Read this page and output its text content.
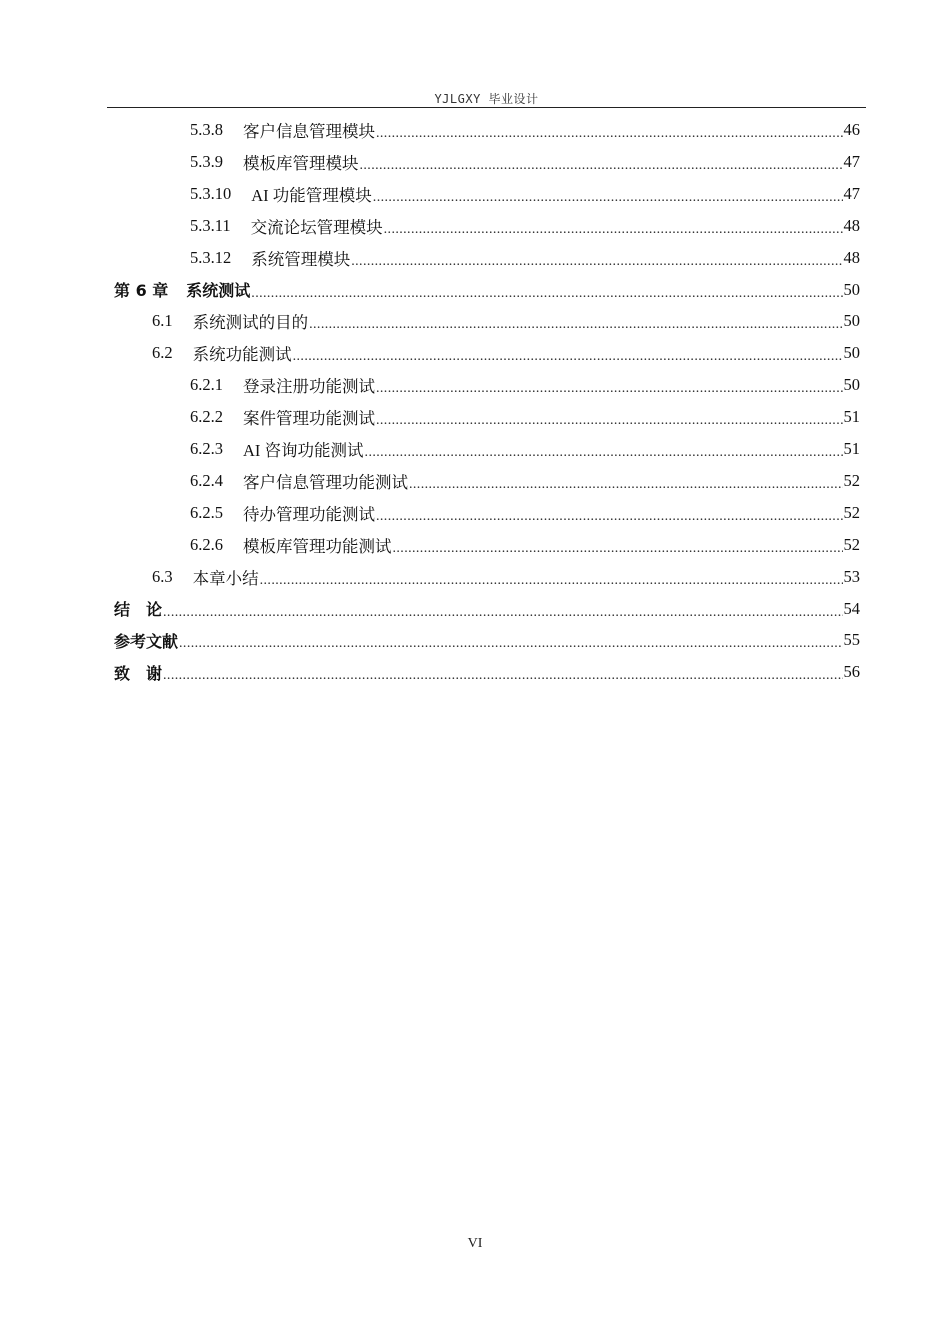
YJLGXY 毕业设计
5.3.8 客户信息管理模块 .....	46
5.3.9 模板库管理模块 .....	47
5.3.10 AI 功能管理模块 .....	47
5.3.11 交流论坛管理模块 .....	48
5.3.12 系统管理模块 .....	48
第 6 章 系统测试 .....	50
6.1 系统测试的目的 .....	50
6.2 系统功能测试 .....	50
6.2.1 登录注册功能测试 .....	50
6.2.2 案件管理功能测试 .....	51
6.2.3 AI 咨询功能测试 .....	51
6.2.4 客户信息管理功能测试 .....	52
6.2.5 待办管理功能测试 .....	52
6.2.6 模板库管理功能测试 .....	52
6.3 本章小结 .....	53
结　论 .....	54
参考文献 .....	55
致　谢 .....	56
VI
